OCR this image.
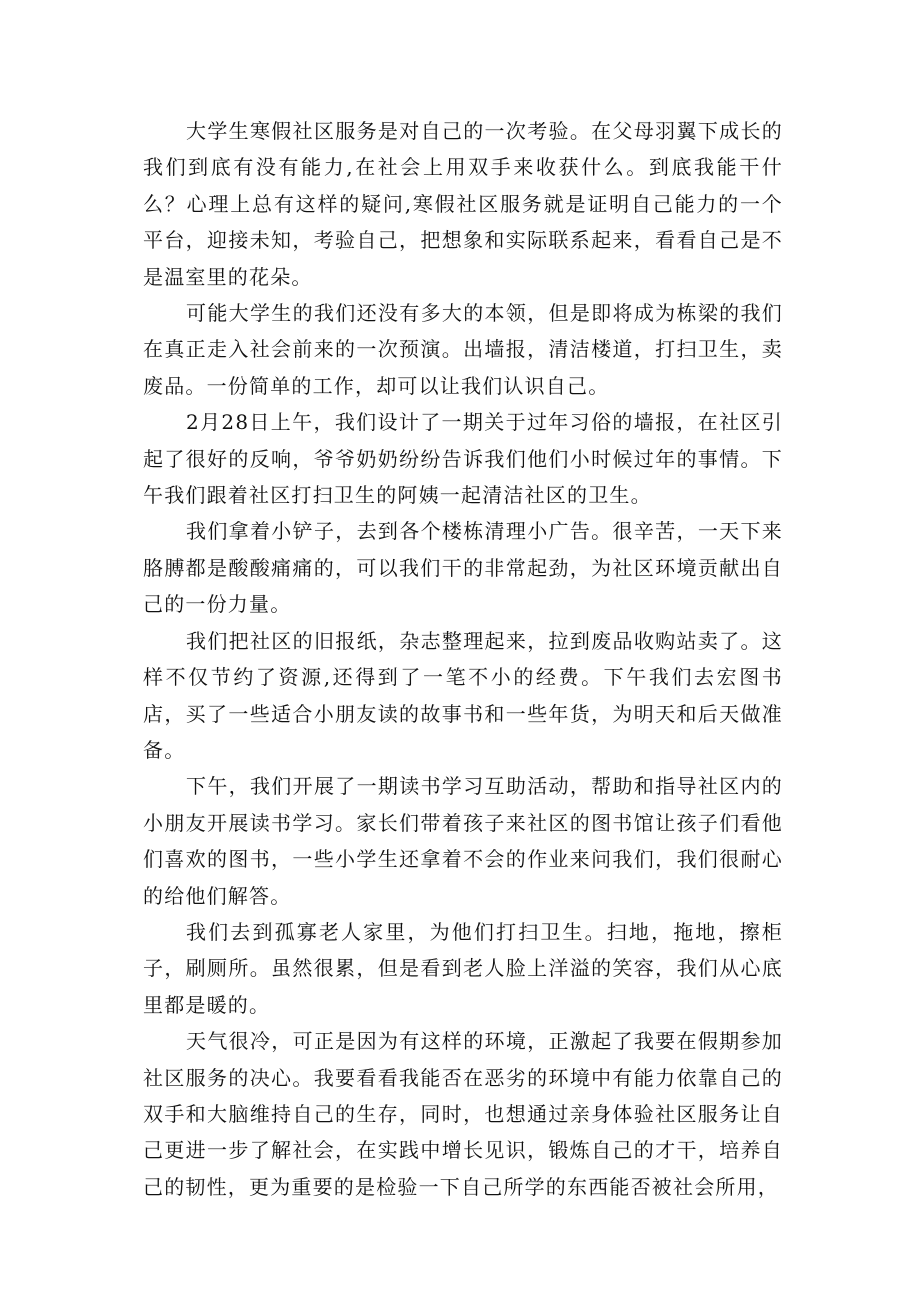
大学生寒假社区服务是对自己的一次考验。在父母羽翼下成长的我们到底有没有能力,在社会上用双手来收获什么。到底我能干什么？心理上总有这样的疑问,寒假社区服务就是证明自己能力的一个平台，迎接未知，考验自己，把想象和实际联系起来，看看自己是不是温室里的花朵。

可能大学生的我们还没有多大的本领，但是即将成为栋梁的我们在真正走入社会前来的一次预演。出墙报，清洁楼道，打扫卫生，卖废品。一份简单的工作，却可以让我们认识自己。

2月28日上午，我们设计了一期关于过年习俗的墙报，在社区引起了很好的反响，爷爷奶奶纷纷告诉我们他们小时候过年的事情。下午我们跟着社区打扫卫生的阿姨一起清洁社区的卫生。

我们拿着小铲子，去到各个楼栋清理小广告。很辛苦，一天下来胳膊都是酸酸痛痛的，可以我们干的非常起劲，为社区环境贡献出自己的一份力量。

我们把社区的旧报纸，杂志整理起来，拉到废品收购站卖了。这样不仅节约了资源,还得到了一笔不小的经费。下午我们去宏图书店，买了一些适合小朋友读的故事书和一些年货，为明天和后天做准备。

下午，我们开展了一期读书学习互助活动，帮助和指导社区内的小朋友开展读书学习。家长们带着孩子来社区的图书馆让孩子们看他们喜欢的图书，一些小学生还拿着不会的作业来问我们，我们很耐心的给他们解答。

我们去到孤寡老人家里，为他们打扫卫生。扫地，拖地，擦柜子，刷厕所。虽然很累，但是看到老人脸上洋溢的笑容，我们从心底里都是暖的。

天气很冷，可正是因为有这样的环境，正激起了我要在假期参加社区服务的决心。我要看看我能否在恶劣的环境中有能力依靠自己的双手和大脑维持自己的生存，同时，也想通过亲身体验社区服务让自己更进一步了解社会，在实践中增长见识，锻炼自己的才干，培养自己的韧性，更为重要的是检验一下自己所学的东西能否被社会所用，
